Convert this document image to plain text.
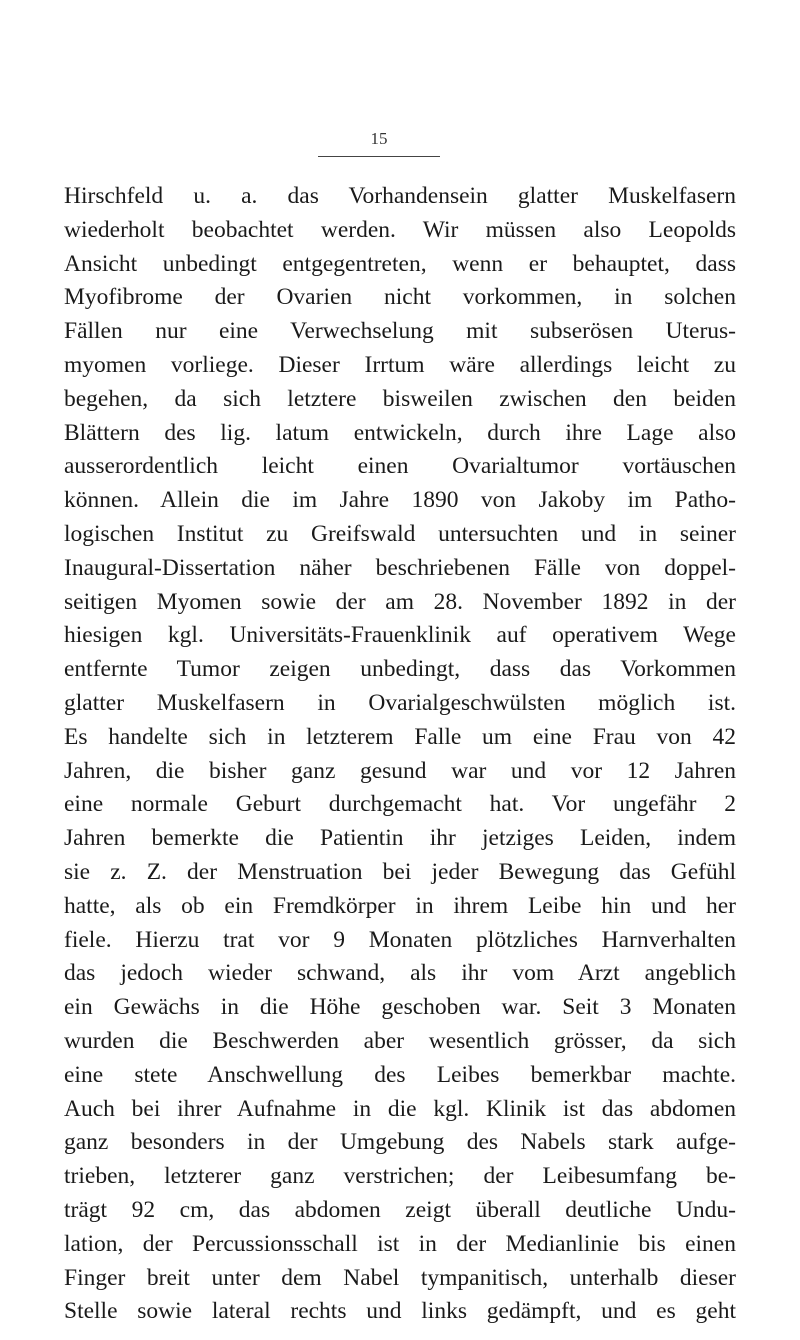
15
Hirschfeld u. a. das Vorhandensein glatter Muskelfasern
wiederholt beobachtet werden. Wir müssen also Leopolds
Ansicht unbedingt entgegentreten, wenn er behauptet, dass
Myofibrome der Ovarien nicht vorkommen, in solchen
Fällen nur eine Verwechselung mit subserösen Uterus-
myomen vorliege. Dieser Irrtum wäre allerdings leicht zu
begehen, da sich letztere bisweilen zwischen den beiden
Blättern des lig. latum entwickeln, durch ihre Lage also
ausserordentlich leicht einen Ovarialtumor vortäuschen
können. Allein die im Jahre 1890 von Jakoby im Patho-
logischen Institut zu Greifswald untersuchten und in seiner
Inaugural-Dissertation näher beschriebenen Fälle von doppel-
seitigen Myomen sowie der am 28. November 1892 in der
hiesigen kgl. Universitäts-Frauenklinik auf operativem Wege
entfernte Tumor zeigen unbedingt, dass das Vorkommen
glatter Muskelfasern in Ovarialgeschwülsten möglich ist.
Es handelte sich in letzterem Falle um eine Frau von 42
Jahren, die bisher ganz gesund war und vor 12 Jahren
eine normale Geburt durchgemacht hat. Vor ungefähr 2
Jahren bemerkte die Patientin ihr jetziges Leiden, indem
sie z. Z. der Menstruation bei jeder Bewegung das Gefühl
hatte, als ob ein Fremdkörper in ihrem Leibe hin und her
fiele. Hierzu trat vor 9 Monaten plötzliches Harnverhalten
das jedoch wieder schwand, als ihr vom Arzt angeblich
ein Gewächs in die Höhe geschoben war. Seit 3 Monaten
wurden die Beschwerden aber wesentlich grösser, da sich
eine stete Anschwellung des Leibes bemerkbar machte.
Auch bei ihrer Aufnahme in die kgl. Klinik ist das abdomen
ganz besonders in der Umgebung des Nabels stark aufge-
trieben, letzterer ganz verstrichen; der Leibesumfang be-
trägt 92 cm, das abdomen zeigt überall deutliche Undu-
lation, der Percussionsschall ist in der Medianlinie bis einen
Finger breit unter dem Nabel tympanitisch, unterhalb dieser
Stelle sowie lateral rechts und links gedämpft, und es geht
